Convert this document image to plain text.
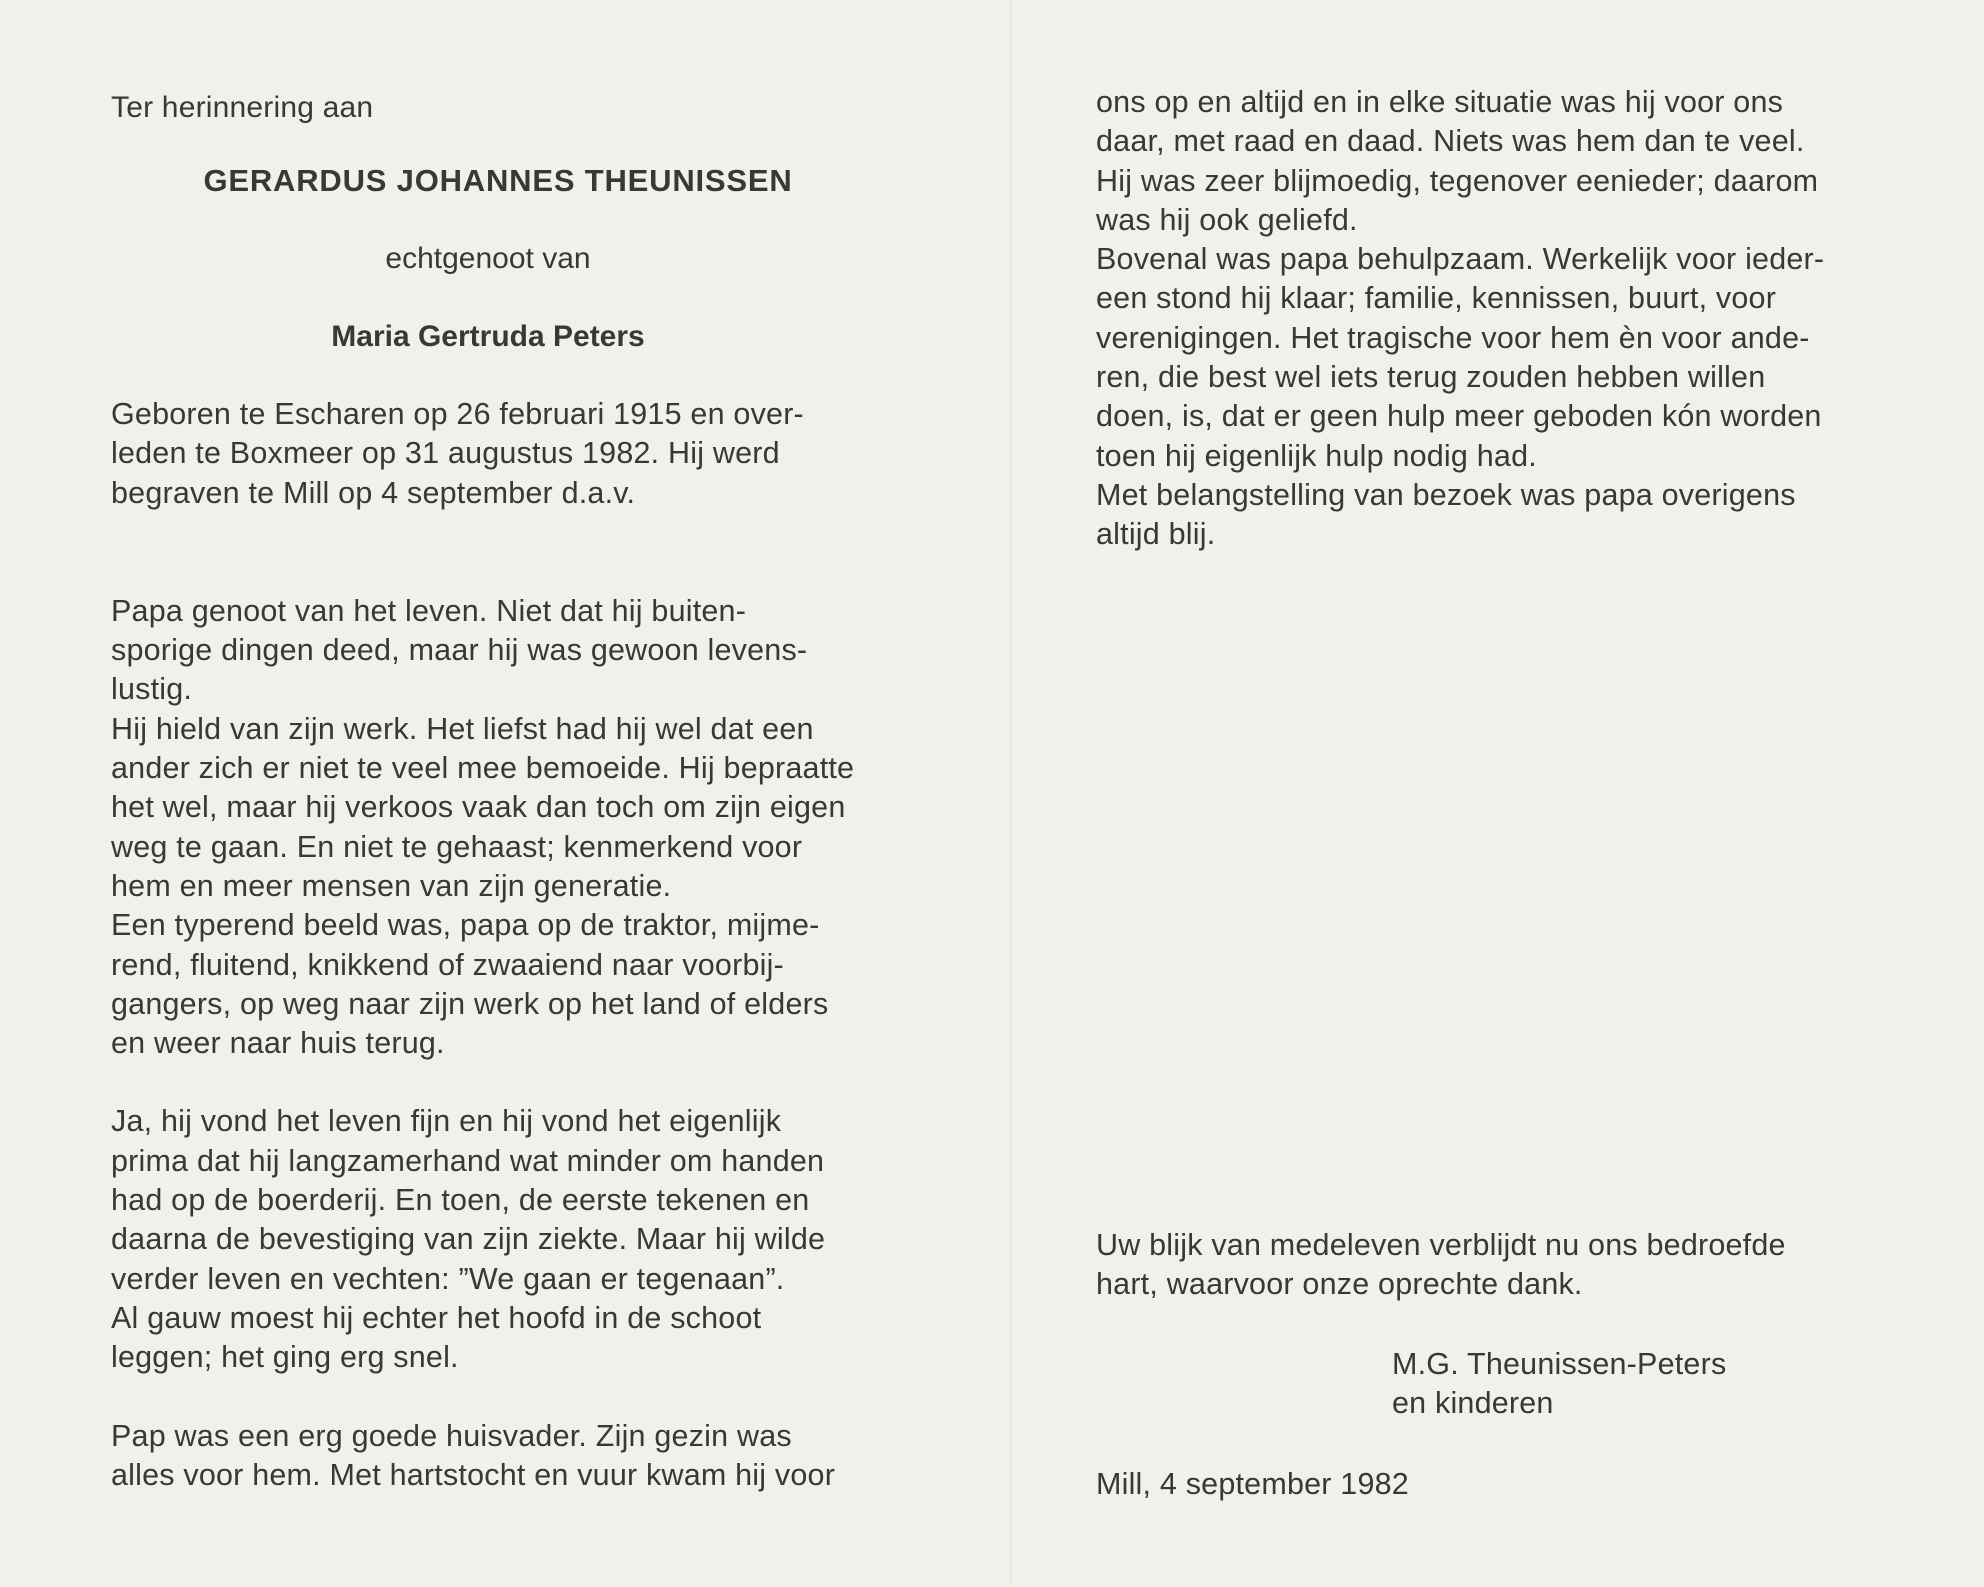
Ter herinnering aan
GERARDUS JOHANNES THEUNISSEN
echtgenoot van
Maria Gertruda Peters
Geboren te Escharen op 26 februari 1915 en over-
leden te Boxmeer op 31 augustus 1982. Hij werd
begraven te Mill op 4 september d.a.v.
Papa genoot van het leven. Niet dat hij buiten-
sporige dingen deed, maar hij was gewoon levens-
lustig.
Hij hield van zijn werk. Het liefst had hij wel dat een
ander zich er niet te veel mee bemoeide. Hij bepraatte
het wel, maar hij verkoos vaak dan toch om zijn eigen
weg te gaan. En niet te gehaast; kenmerkend voor
hem en meer mensen van zijn generatie.
Een typerend beeld was, papa op de traktor, mijme-
rend, fluitend, knikkend of zwaaiend naar voorbij-
gangers, op weg naar zijn werk op het land of elders
en weer naar huis terug.
Ja, hij vond het leven fijn en hij vond het eigenlijk
prima dat hij langzamerhand wat minder om handen
had op de boerderij. En toen, de eerste tekenen en
daarna de bevestiging van zijn ziekte. Maar hij wilde
verder leven en vechten: ”We gaan er tegenaan”.
Al gauw moest hij echter het hoofd in de schoot
leggen; het ging erg snel.
Pap was een erg goede huisvader. Zijn gezin was
alles voor hem. Met hartstocht en vuur kwam hij voor
ons op en altijd en in elke situatie was hij voor ons
daar, met raad en daad. Niets was hem dan te veel.
Hij was zeer blijmoedig, tegenover eenieder; daarom
was hij ook geliefd.
Bovenal was papa behulpzaam. Werkelijk voor ieder-
een stond hij klaar; familie, kennissen, buurt, voor
verenigingen. Het tragische voor hem èn voor ande-
ren, die best wel iets terug zouden hebben willen
doen, is, dat er geen hulp meer geboden kón worden
toen hij eigenlijk hulp nodig had.
Met belangstelling van bezoek was papa overigens
altijd blij.
Uw blijk van medeleven verblijdt nu ons bedroefde
hart, waarvoor onze oprechte dank.
M.G. Theunissen-Peters
en kinderen
Mill, 4 september 1982
